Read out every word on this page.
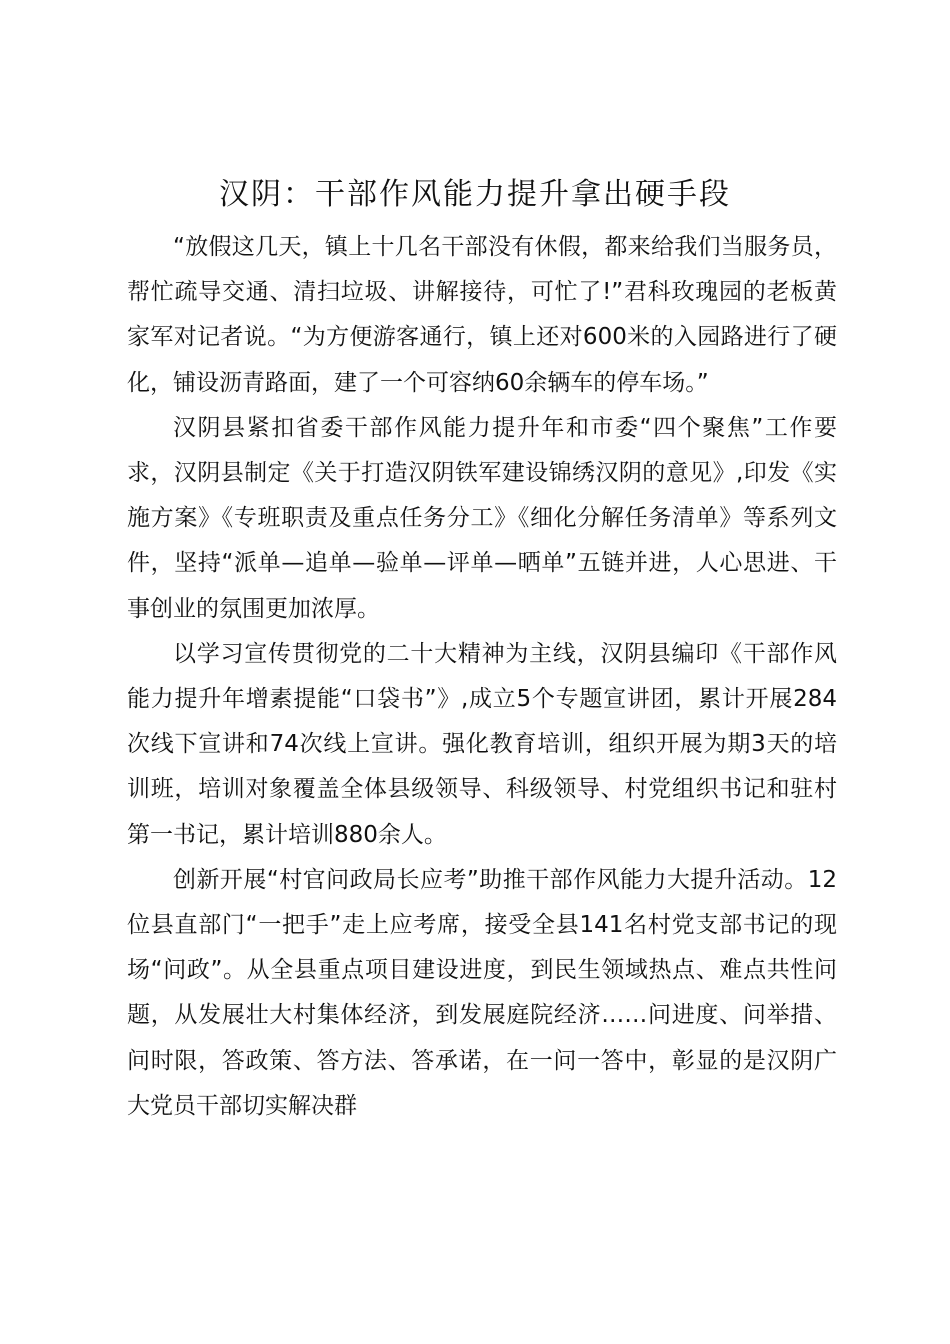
汉阴：干部作风能力提升拿出硬手段

“放假这几天，镇上十几名干部没有休假，都来给我们当服务员，帮忙疏导交通、清扫垃圾、讲解接待，可忙了!”君科玫瑰园的老板黄家军对记者说。“为方便游客通行，镇上还对600米的入园路进行了硬化，铺设沥青路面，建了一个可容纳60余辆车的停车场。”

汉阴县紧扣省委干部作风能力提升年和市委“四个聚焦”工作要求，汉阴县制定《关于打造汉阴铁军建设锦绣汉阴的意见》,印发《实施方案》《专班职责及重点任务分工》《细化分解任务清单》等系列文件，坚持“派单—追单—验单—评单—晒单”五链并进，人心思进、干事创业的氛围更加浓厚。

以学习宣传贯彻党的二十大精神为主线，汉阴县编印《干部作风能力提升年增素提能“口袋书”》,成立5个专题宣讲团，累计开展284次线下宣讲和74次线上宣讲。强化教育培训，组织开展为期3天的培训班，培训对象覆盖全体县级领导、科级领导、村党组织书记和驻村第一书记，累计培训880余人。

创新开展“村官问政局长应考”助推干部作风能力大提升活动。12位县直部门“一把手”走上应考席，接受全县141名村党支部书记的现场“问政”。从全县重点项目建设进度，到民生领域热点、难点共性问题，从发展壮大村集体经济，到发展庭院经济……问进度、问举措、问时限，答政策、答方法、答承诺，在一问一答中，彰显的是汉阴广大党员干部切实解决群
